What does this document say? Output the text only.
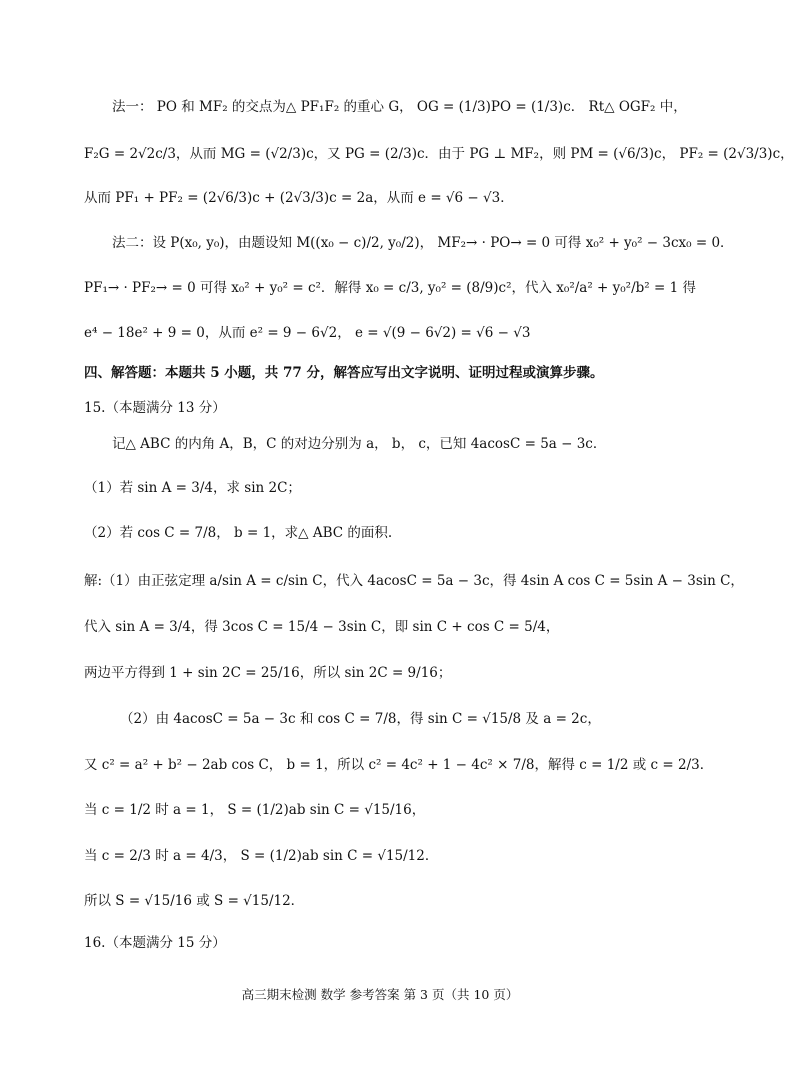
法一： PO 和 MF₂ 的交点为△ PF₁F₂ 的重心 G， OG = (1/3)PO = (1/3)c． Rt△ OGF₂ 中，
F₂G = 2√2c/3，从而 MG = (√2/3)c，又 PG = (2/3)c．由于 PG ⊥ MF₂，则 PM = (√6/3)c， PF₂ = (2√3/3)c，
从而 PF₁ + PF₂ = (2√6/3)c + (2√3/3)c = 2a，从而 e = √6 − √3．
法二：设 P(x₀, y₀)，由题设知 M((x₀ − c)/2, y₀/2)， MF₂→ · PO→ = 0 可得 x₀² + y₀² − 3cx₀ = 0．
PF₁→ · PF₂→ = 0 可得 x₀² + y₀² = c²．解得 x₀ = c/3, y₀² = (8/9)c²，代入 x₀²/a² + y₀²/b² = 1 得
e⁴ − 18e² + 9 = 0，从而 e² = 9 − 6√2， e = √(9 − 6√2) = √6 − √3
四、解答题：本题共 5 小题，共 77 分，解答应写出文字说明、证明过程或演算步骤。
15.（本题满分 13 分）
记△ ABC 的内角 A，B，C 的对边分别为 a， b， c，已知 4acosC = 5a − 3c．
（1）若 sin A = 3/4，求 sin 2C；
（2）若 cos C = 7/8， b = 1，求△ ABC 的面积.
解:（1）由正弦定理 a/sin A = c/sin C，代入 4acosC = 5a − 3c，得 4sin A cos C = 5sin A − 3sin C，
代入 sin A = 3/4，得 3cos C = 15/4 − 3sin C，即 sin C + cos C = 5/4，
两边平方得到 1 + sin 2C = 25/16，所以 sin 2C = 9/16；
（2）由 4acosC = 5a − 3c 和 cos C = 7/8，得 sin C = √15/8 及 a = 2c，
又 c² = a² + b² − 2ab cos C， b = 1，所以 c² = 4c² + 1 − 4c² × 7/8，解得 c = 1/2 或 c = 2/3．
当 c = 1/2 时 a = 1， S = (1/2)ab sin C = √15/16，
当 c = 2/3 时 a = 4/3， S = (1/2)ab sin C = √15/12．
所以 S = √15/16 或 S = √15/12．
16.（本题满分 15 分）
高三期末检测 数学 参考答案 第 3 页（共 10 页）
